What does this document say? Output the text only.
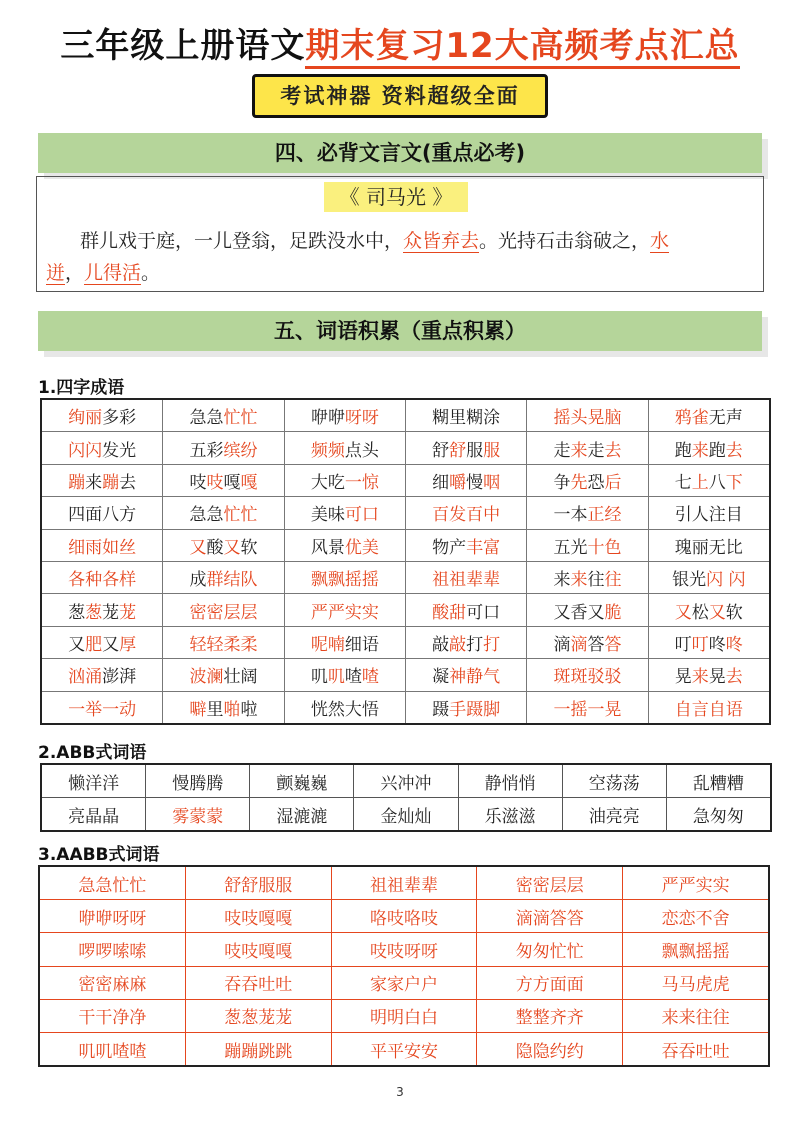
三年级上册语文期末复习12大高频考点汇总
考试神器 资料超级全面
四、必背文言文(重点必考)
《 司马光 》
群儿戏于庭，一儿登翁，足跌没水中，众皆弃去。光持石击翁破之，水
迸，儿得活。
五、词语积累（重点积累）
1.四字成语
绚丽多彩	急急忙忙	咿咿呀呀	糊里糊涂	摇头晃脑	鸦雀无声
闪闪发光	五彩缤纷	频频点头	舒舒服服	走来走去	跑来跑去
蹦来蹦去	吱吱嘎嘎	大吃一惊	细嚼慢咽	争先恐后	七上八下
四面八方	急急忙忙	美味可口	百发百中	一本正经	引人注目
细雨如丝	又酸又软	风景优美	物产丰富	五光十色	瑰丽无比
各种各样	成群结队	飘飘摇摇	祖祖辈辈	来来往往	银光闪 闪
葱葱茏茏	密密层层	严严实实	酸甜可口	又香又脆	又松又软
又肥又厚	轻轻柔柔	呢喃细语	敲敲打打	滴滴答答	叮叮咚咚
汹涌澎湃	波澜壮阔	叽叽喳喳	凝神静气	斑斑驳驳	晃来晃去
一举一动	噼里啪啦	恍然大悟	蹑手蹑脚	一摇一晃	自言自语
2.ABB式词语
懒洋洋	慢腾腾	颤巍巍	兴冲冲	静悄悄	空荡荡	乱糟糟
亮晶晶	雾蒙蒙	湿漉漉	金灿灿	乐滋滋	油亮亮	急匆匆
3.AABB式词语
急急忙忙	舒舒服服	祖祖辈辈	密密层层	严严实实
咿咿呀呀	吱吱嘎嘎	咯吱咯吱	滴滴答答	恋恋不舍
啰啰嗦嗦	吱吱嘎嘎	吱吱呀呀	匆匆忙忙	飘飘摇摇
密密麻麻	吞吞吐吐	家家户户	方方面面	马马虎虎
干干净净	葱葱茏茏	明明白白	整整齐齐	来来往往
叽叽喳喳	蹦蹦跳跳	平平安安	隐隐约约	吞吞吐吐
3
